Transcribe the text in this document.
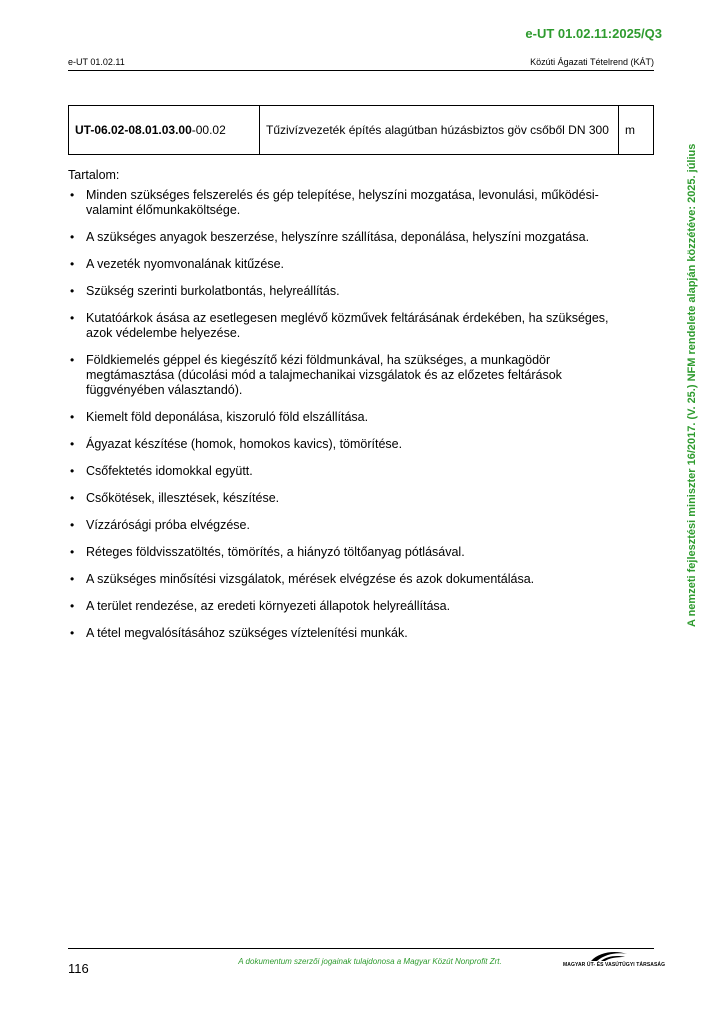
e-UT 01.02.11:2025/Q3
e-UT 01.02.11	Közúti Ágazati Tételrend (KÁT)
UT-06.02-08.01.03.00-00.02	Tűzivízvezeték építés alagútban húzásbiztos göv csőből DN 300	m
Tartalom:
• Minden szükséges felszerelés és gép telepítése, helyszíni mozgatása, levonulási, működési- valamint élőmunkaköltsége.
• A szükséges anyagok beszerzése, helyszínre szállítása, deponálása, helyszíni mozgatása.
• A vezeték nyomvonalának kitűzése.
• Szükség szerinti burkolatbontás, helyreállítás.
• Kutatóárkok ásása az esetlegesen meglévő közművek feltárásának érdekében, ha szükséges, azok védelembe helyezése.
• Földkiemelés géppel és kiegészítő kézi földmunkával, ha szükséges, a munkagödör megtámasztása (dúcolási mód a talajmechanikai vizsgálatok és az előzetes feltárások függvényében választandó).
• Kiemelt föld deponálása, kiszoruló föld elszállítása.
• Ágyazat készítése (homok, homokos kavics), tömörítése.
• Csőfektetés idomokkal együtt.
• Csőkötések, illesztések, készítése.
• Vízzárósági próba elvégzése.
• Réteges földvisszatöltés, tömörítés, a hiányzó töltőanyag pótlásával.
• A szükséges minősítési vizsgálatok, mérések elvégzése és azok dokumentálása.
• A terület rendezése, az eredeti környezeti állapotok helyreállítása.
• A tétel megvalósításához szükséges víztelenítési munkák.
A nemzeti fejlesztési miniszter 16/2017. (V. 25.) NFM rendelete alapján közzétéve: 2025. július
116	A dokumentum szerzői jogainak tulajdonosa a Magyar Közút Nonprofit Zrt.	MAGYAR ÚT- ÉS VASÚTÜGYI TÁRSASÁG
